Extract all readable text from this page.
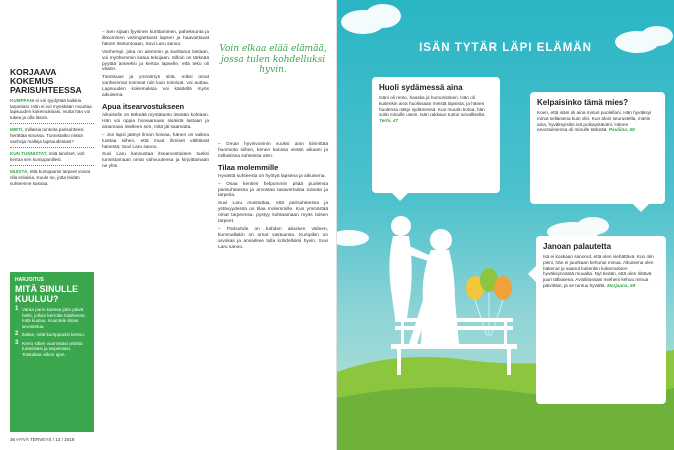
KORJAAVA KOKEMUS PARISUHTEESSA
KUMPPANI ei voi tyydyttää kaikkia tarpeitasi. Hän ei voi myöskään muuttaa lapsuuden kokemuksiasi, mutta hän voi tukea ja olla läsnä.
MIETI, millaisia tunteita parisuhteesi herättää sinussa. Tunnistatko niissä vanhoja malleja lapsuudestasi?
KUN TUNNISTAT, mitä tarvitset, voit kertoa sen kumppanillesi.
MUISTA, että kumppanin tarpeet voivat olla erilaisia. Kuule ne, jotta teidän suhteenne kasvaa.
HARJOITUS
MITÄ SINULLE KUULUU?
1 Varaa parin kanssa joka päivä hetki, jolloin kerrotte toisillenne, mitä kuuluu. Kuuntele ilman arvostelua.
2 Ilaitse, mitä kumppanisi kertoo.
3 Kerro sitten vuorostasi omista tunteistasi ja tarpeistasi. Toistakaa viikon ajan.

– Sen sijaan fyysinen kurittaminen, paheksunta ja ilkkuminen vahingoittavat lapsen ja haavoittavat hänen itsetuntoaan, Suvi Laru sanoo.

Vanhempi, joka on aiemmin ja kurittanut lastaan, voi myöhemmin katua tekojaan. Silloin on tärkeää pyytää anteeksi ja kertoa lapselle, että teko oli väärin.

Tietoisuus ja ymmärrys siitä, miksi omat vanhemmat toimivat niin kuin toimivat, voi auttaa. Lapsuuden kokemuksia voi käsitellä myös aikuisena.

Apua itsearvostukseen

Aikuiselle on tärkeää myötätunto itseään kohtaan. Hän voi oppia hoivaamaan sisäistä lastaan ja antamaan itselleen sen, mitä jäi saamatta.

– Jos lapsi jäänyt ilman hoivaa, hänen on vaikea luottaa siihen, että muut ihmiset välittävät hänestä, Suvi Laru sanoo.

Suvi Laru kannustaa itsearvostuksen tueksi tunnistamaan omat vahvuutensa ja kirjoittamaan ne ylös.

Voin elkaa elää elämää, jossa tulen kohdelluksi hyvin.

– Oman hyvinvoinnin vuoksi aion kiinnittää huomiota siihen, kenen kanssa vietän aikaani ja millaisissa suhteissa olen.

Tilaa molemmille

Hyvästä suhteesta on hyötyä lapsena ja aikuisena.

– Osaa kenties helpommin pitää puolensa parisuhteessa ja arvostaa tasavertaista toiveita ja tarpeita.

Suvi Laru muistuttaa, että parisuhteessa ja ystävyydessä on tilaa molemmille. Kun ymmärtää omat tarpeensa, pystyy kohtaamaan myös toisen tarpeet.

– Parisuhde on kahden aikuisen välinen, kummallakin on omat vastuunsa. Kumpikin on arvokas ja ansaitsee tulla kohdelluksi hyvin, Suvi Laru sanoo.

36 HYVÄ TERVEYS / 13 / 2018
ISÄN TYTÄR LÄPI ELÄMÄN
Huoli sydämessä aina

Isäni oli rento, hauska ja humoristinen. Hän oli kuitenkin aina huolissaan meistä lapsista, ja hänen huolensa näkyi sydämessä. Kun muutin kotoa, hän soitti minulle usein. Isän rakkaus tuntui turvalliselta. Terhi, 47

Kelpaisinko tämä mies?

Koen, että isäni oli aina minun puolellani. Hän hyväksyi minut sellaisena kuin olin. Kun aloin seurustella, mietin aina, hyväksyisikö isä poikaystäväni. Hänen arvostuksensa oli minulle tärkeää. Pauliina, 58

Janoan palautetta

Isä ei koskaan sanonut, että olen viehättävä. Kun olin pieni, hän ei juurikaan kehunut minua. Aikuisena olen hakenut ja saanut kuitenkin kokemuksen hyväksynnästä muualta. Nyt tiedän, että olen riittävä juuri tällaisena. Avioliitossani mieheni kehuu minua päivittäin, ja se tuntuu hyvältä. Marjaana, 59
